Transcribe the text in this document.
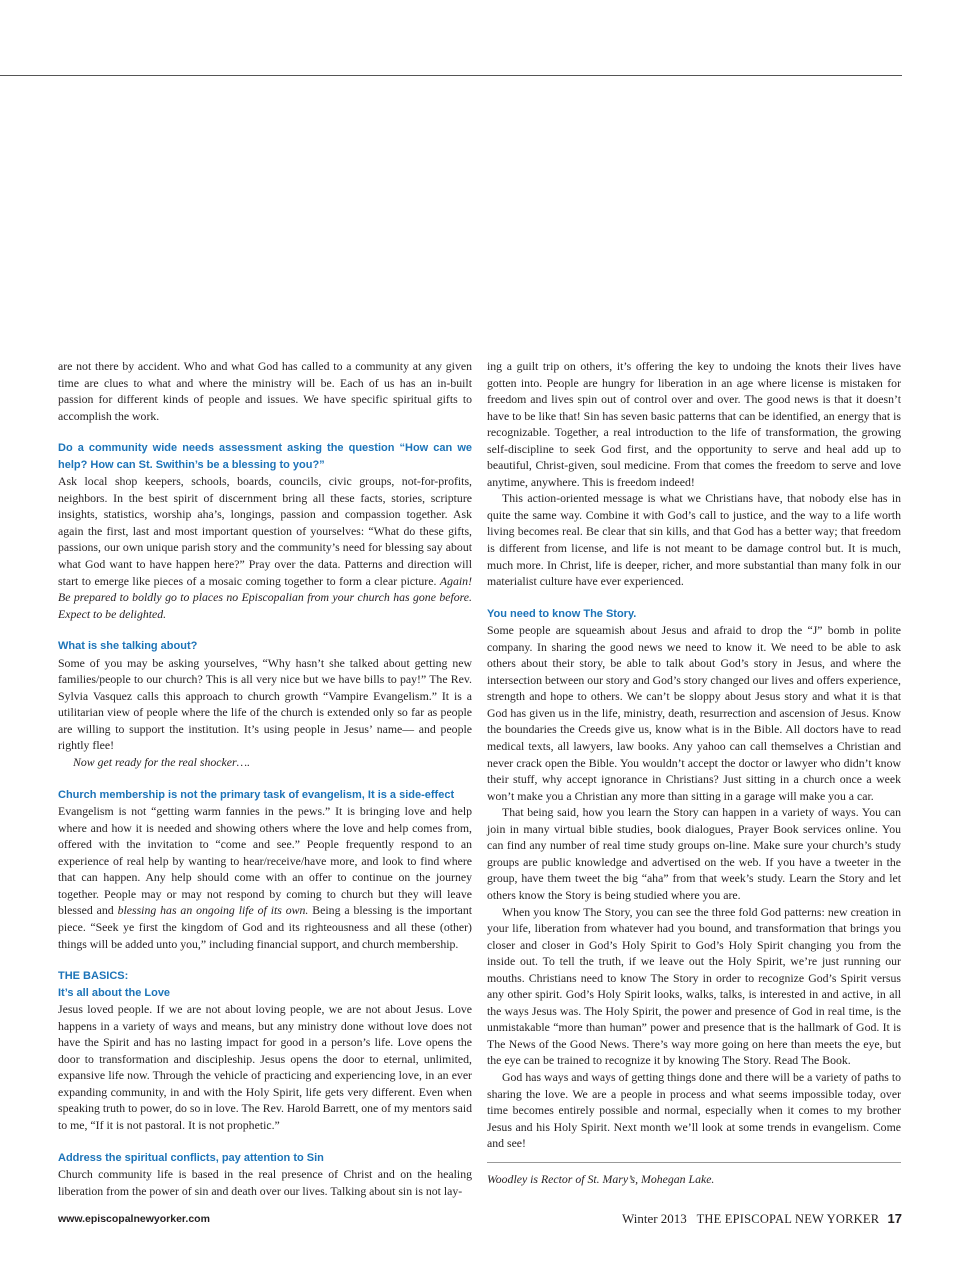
are not there by accident. Who and what God has called to a community at any given time are clues to what and where the ministry will be. Each of us has an in-built passion for different kinds of people and issues. We have specific spiritual gifts to accomplish the work.

Do a community wide needs assessment asking the question “How can we help? How can St. Swithin’s be a blessing to you?”

Ask local shop keepers, schools, boards, councils, civic groups, not-for-profits, neighbors. In the best spirit of discernment bring all these facts, stories, scripture insights, statistics, worship aha’s, longings, passion and compassion together. Ask again the first, last and most important question of yourselves: “What do these gifts, passions, our own unique parish story and the community’s need for blessing say about what God want to have happen here?” Pray over the data. Patterns and direction will start to emerge like pieces of a mosaic coming together to form a clear picture. Again! Be prepared to boldly go to places no Episcopalian from your church has gone before. Expect to be delighted.

What is she talking about?

Some of you may be asking yourselves, “Why hasn’t she talked about getting new families/people to our church? This is all very nice but we have bills to pay!” The Rev. Sylvia Vasquez calls this approach to church growth “Vampire Evangelism.” It is a utilitarian view of people where the life of the church is extended only so far as people are willing to support the institution. It’s using people in Jesus’ name— and people rightly flee!

Now get ready for the real shocker….

Church membership is not the primary task of evangelism, It is a side-effect

Evangelism is not “getting warm fannies in the pews.” It is bringing love and help where and how it is needed and showing others where the love and help comes from, offered with the invitation to “come and see.” People frequently respond to an experience of real help by wanting to hear/receive/have more, and look to find where that can happen. Any help should come with an offer to continue on the journey together. People may or may not respond by coming to church but they will leave blessed and blessing has an ongoing life of its own. Being a blessing is the important piece. “Seek ye first the kingdom of God and its righteousness and all these (other) things will be added unto you,” including financial support, and church membership.

THE BASICS:
It’s all about the Love

Jesus loved people. If we are not about loving people, we are not about Jesus. Love happens in a variety of ways and means, but any ministry done without love does not have the Spirit and has no lasting impact for good in a person’s life. Love opens the door to transformation and discipleship. Jesus opens the door to eternal, unlimited, expansive life now. Through the vehicle of practicing and experiencing love, in an ever expanding community, in and with the Holy Spirit, life gets very different. Even when speaking truth to power, do so in love. The Rev. Harold Barrett, one of my mentors said to me, “If it is not pastoral. It is not prophetic.”

Address the spiritual conflicts, pay attention to Sin

Church community life is based in the real presence of Christ and on the healing liberation from the power of sin and death over our lives. Talking about sin is not lay-

ing a guilt trip on others, it’s offering the key to undoing the knots their lives have gotten into. People are hungry for liberation in an age where license is mistaken for freedom and lives spin out of control over and over. The good news is that it doesn’t have to be like that! Sin has seven basic patterns that can be identified, an energy that is recognizable. Together, a real introduction to the life of transformation, the growing self-discipline to seek God first, and the opportunity to serve and heal add up to beautiful, Christ-given, soul medicine. From that comes the freedom to serve and love anytime, anywhere. This is freedom indeed!

This action-oriented message is what we Christians have, that nobody else has in quite the same way. Combine it with God’s call to justice, and the way to a life worth living becomes real. Be clear that sin kills, and that God has a better way; that freedom is different from license, and life is not meant to be damage control but. It is much, much more. In Christ, life is deeper, richer, and more substantial than many folk in our materialist culture have ever experienced.

You need to know The Story.

Some people are squeamish about Jesus and afraid to drop the “J” bomb in polite company. In sharing the good news we need to know it. We need to be able to ask others about their story, be able to talk about God’s story in Jesus, and where the intersection between our story and God’s story changed our lives and offers experience, strength and hope to others. We can’t be sloppy about Jesus story and what it is that God has given us in the life, ministry, death, resurrection and ascension of Jesus. Know the boundaries the Creeds give us, know what is in the Bible. All doctors have to read medical texts, all lawyers, law books. Any yahoo can call themselves a Christian and never crack open the Bible. You wouldn’t accept the doctor or lawyer who didn’t know their stuff, why accept ignorance in Christians? Just sitting in a church once a week won’t make you a Christian any more than sitting in a garage will make you a car.

That being said, how you learn the Story can happen in a variety of ways. You can join in many virtual bible studies, book dialogues, Prayer Book services online. You can find any number of real time study groups on-line. Make sure your church’s study groups are public knowledge and advertised on the web. If you have a tweeter in the group, have them tweet the big “aha” from that week’s study. Learn the Story and let others know the Story is being studied where you are.

When you know The Story, you can see the three fold God patterns: new creation in your life, liberation from whatever had you bound, and transformation that brings you closer and closer in God’s Holy Spirit to God’s Holy Spirit changing you from the inside out. To tell the truth, if we leave out the Holy Spirit, we’re just running our mouths. Christians need to know The Story in order to recognize God’s Spirit versus any other spirit. God’s Holy Spirit looks, walks, talks, is interested in and active, in all the ways Jesus was. The Holy Spirit, the power and presence of God in real time, is the unmistakable “more than human” power and presence that is the hallmark of God. It is The News of the Good News. There’s way more going on here than meets the eye, but the eye can be trained to recognize it by knowing The Story. Read The Book.

God has ways and ways of getting things done and there will be a variety of paths to sharing the love. We are a people in process and what seems impossible today, over time becomes entirely possible and normal, especially when it comes to my brother Jesus and his Holy Spirit. Next month we’ll look at some trends in evangelism. Come and see!

Woodley is Rector of St. Mary’s, Mohegan Lake.

www.episcopalnewyorker.com	Winter 2013 THE EPISCOPAL NEW YORKER 17
